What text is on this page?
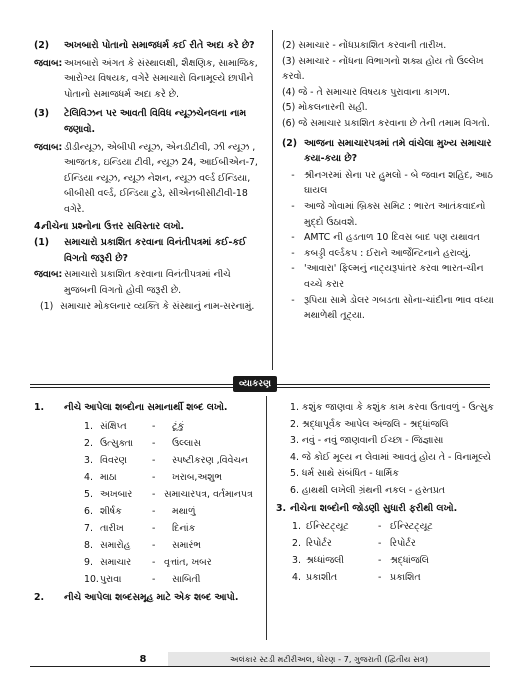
(2)	અખબારો પોતાનો સમાજધર્મ કઈ રીતે અદા કરે છે?
જવાબ: અખબારો અંગત કે સંસ્થાલક્ષી, શૈક્ષણિક, સામાજિક, આરોગ્ય વિષયક, વગેરે સમાચારો વિનામૂલ્યે છાપીને પોતાનો સમાજધર્મ અદા કરે છે.
(3)	ટેલિવિઝન પર આવતી વિવિધ ન્યૂઝચેનલના નામ જણાવો.
જવાબ: ડીડીન્યૂઝ, એબીપી ન્યૂઝ, એનડીટીવી, ઝી ન્યૂઝ , આજતક, ઇન્ડિયા ટીવી, ન્યૂઝ 24, આઈબીએન-7, ઈન્ડિયા ન્યૂઝ, ન્યૂઝ નેશન, ન્યૂઝ વર્લ્ડ ઈન્ડિયા, બીબીસી વર્લ્ડ, ઈન્ડિયા ટુડે, સીએનબીસીટીવી-18 વગેરે.
4.
નીચેના પ્રશ્નોના ઉત્તર સવિસ્તાર લખો.
(1)	સમાચારો પ્રકાશિત કરવાના વિનંતીપત્રમાં કઈ-કઈ વિગતો જરૂરી છે?
જવાબ: સમાચારો પ્રકાશિત કરવાના વિનંતીપત્રમાં નીચે મુજબની વિગતો હોવી જરૂરી છે.
(1) સમાચાર મોકલનાર વ્યક્તિ કે સંસ્થાનું નામ-સરનામું.
(2) સમાચાર - નોંધપ્રકાશિત કરવાની તારીખ.
(3) સમાચાર - નોંધના વિભાગનો શક્ય હોય તો ઉલ્લેખ કરવો.
(4) જે - તે સમાચાર વિષયક પુરાવાના કાગળ.
(5) મોકલનારની સહી.
(6) જે સમાચાર પ્રકાશિત કરવાના છે તેની તમામ વિગતો.
(2) આજના સમાચારપત્રમાં તમે વાંચેલા મુખ્ય સમાચાર કયા-કયા છે?
- શ્રીનગરમાં સેના પર હુમલો - બે જવાન શહિદ, આઠ ઘાયલ
- આજે ગોવામાં બ્રિક્સ સમિટ : ભારત આતંકવાદનો મુદ્દો ઉઠાવશે.
- AMTC ની હડતાળ 10 દિવસ બાદ પણ યથાવત
- કબડ્ડી વર્લ્ડકપ : ઈરાને આર્જેન્ટિનાને હરાવ્યું.
- 'આવારા' ફિલ્મનું નાટ્યરૂપાંતર કરવા ભારત-ચીન વચ્ચે કરાર
- રૂપિયા સામે ડોલર ગબડતા સોના-ચાંદીના ભાવ વધ્યા મથાળેથી તૂટ્યા.
વ્યાકરણ
1.	નીચે આપેલા શબ્દોના સમાનાર્થી શબ્દ લખો.
1. સંક્ષિપ્ત	-	ટૂંકું
2. ઉત્સુક્તા	-	ઉલ્લાસ
3. વિવરણ	-	સ્પષ્ટીકરણ ,વિવેચન
4. માઠા	-	ખરાબ,અશુભ
5. અખબાર	- સમાચારપત્ર, વર્તમાનપત્ર
6. શીર્ષક	-	મથાળું
7. તારીખ	-	દિનાંક
8. સમારોહ	-	સમારંભ
9. સમાચાર	- વૃત્તાંત, ખબર
10. પુરાવા	-	સાબિતી
2.	નીચે આપેલા શબ્દસમૂહ માટે એક શબ્દ આપો.
1. કશુંક જાણવા કે કશુંક કામ કરવા ઉતાવળું - ઉત્સુક
2. શ્રદ્ધાપૂર્વક આપેલ અંજલિ - શ્રદ્ધાંજલિ
3. નવું - નવું જાણવાની ઈચ્છા - જિજ્ઞાસા
4. જે કોઈ મૂલ્ય ન લેવામાં આવતું હોય તે - વિનામૂલ્યે
5. ધર્મ સાથે સંબંધિત - ધાર્મિક
6. હાથથી લખેલી ગ્રંથની નકલ - હસ્તપ્રત
3. નીચેના શબ્દોની જોડણી સુધારી ફરીથી લખો.
1. ઈન્સ્ટિટ્યૂટ	- ઈન્સ્ટિટ્યૂટ
2. રિપોર્ટર	- રિપોર્ટર
3. શ્રધ્ધાંજલી	- શ્રદ્ધાંજલિ
4. પ્રકાશીત	- પ્રકાશિત
8	અલંકાર સ્ટડી મટીરીઅલ, ધોરણ - 7, ગુજરાતી (દ્વિતીય સત્ર)
